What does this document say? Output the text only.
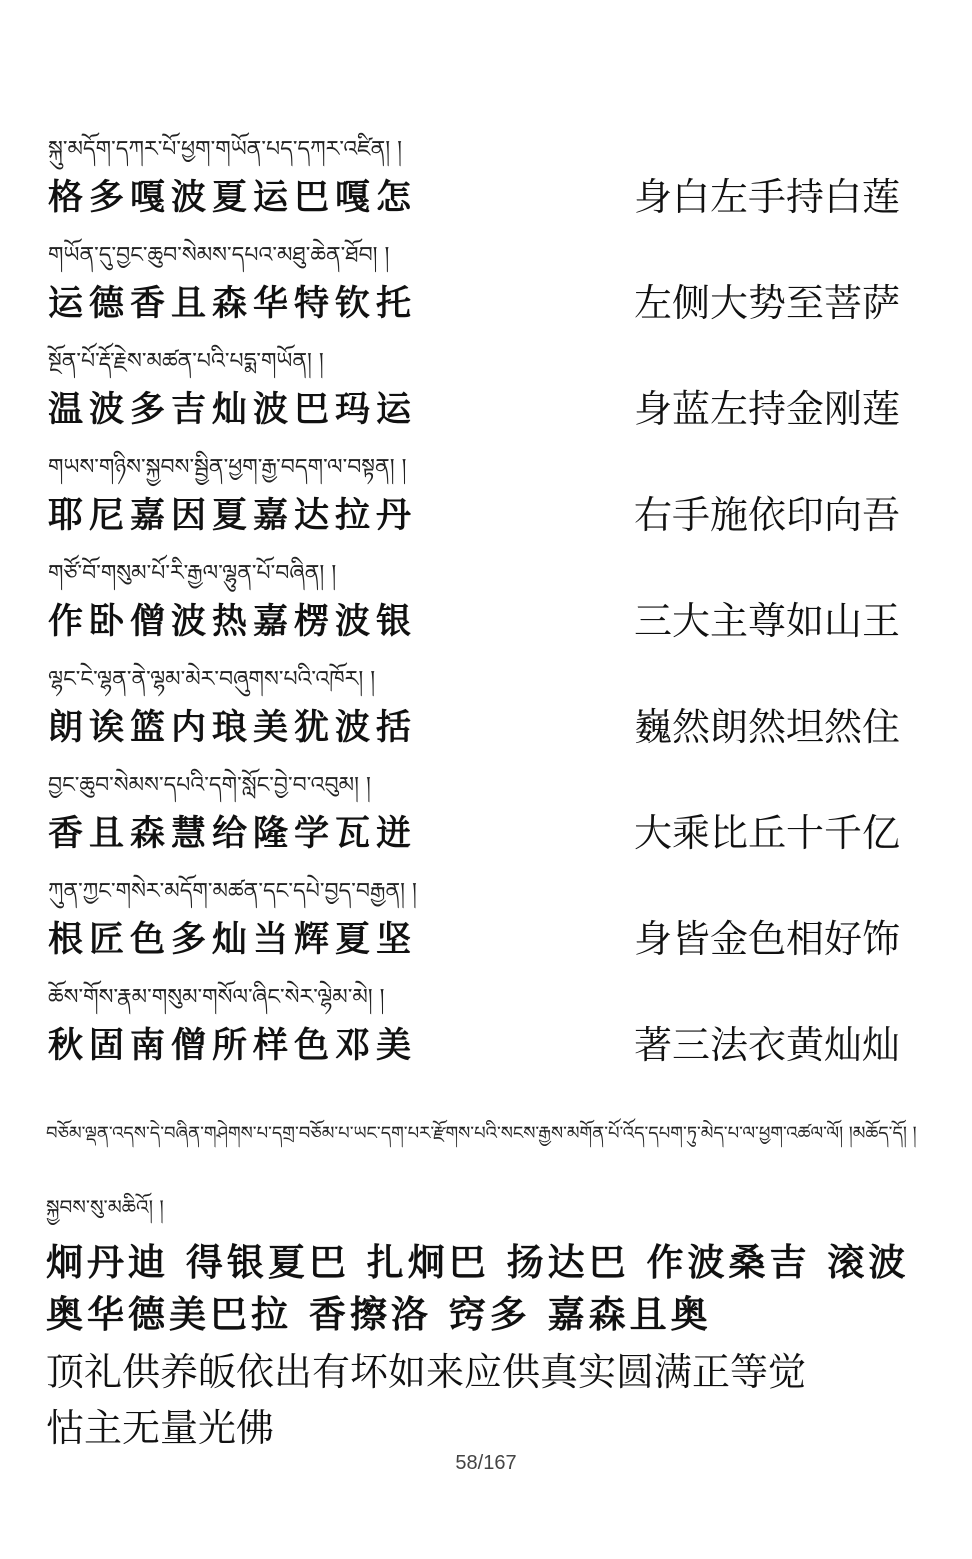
སྐུ་མདོག་དཀར་པོ་ཕྱག་གཡོན་པད་དཀར་འཛིན། །
格多嘎波夏运巴嘎怎	身白左手持白莲
གཡོན་དུ་བྱང་ཆུབ་སེམས་དཔའ་མཐུ་ཆེན་ཐོབ། །
运德香且森华特钦托	左侧大势至菩萨
སྔོན་པོ་རྡོ་རྗེས་མཚན་པའི་པདྨ་གཡོན། །
温波多吉灿波巴玛运	身蓝左持金刚莲
གཡས་གཉིས་སྐྱབས་སྦྱིན་ཕྱག་རྒྱ་བདག་ལ་བསྟན། །
耶尼嘉因夏嘉达拉丹	右手施依印向吾
གཙོ་བོ་གསུམ་པོ་རི་རྒྱལ་ལྷུན་པོ་བཞིན། །
作卧僧波热嘉楞波银	三大主尊如山王
ལྷང་ངེ་ལྷན་ནེ་ལྷམ་མེར་བཞུགས་པའི་འཁོར། །
朗诶篮内琅美犹波括	巍然朗然坦然住
བྱང་ཆུབ་སེམས་དཔའི་དགེ་སློང་བྱེ་བ་འབུམ། །
香且森慧给隆学瓦迸	大乘比丘十千亿
ཀུན་ཀྱང་གསེར་མདོག་མཚན་དང་དཔེ་བྱད་བརྒྱན། །
根匠色多灿当辉夏坚	身皆金色相好饰
ཆོས་གོས་རྣམ་གསུམ་གསོལ་ཞིང་སེར་ལྷེམ་མེ། །
秋固南僧所样色邓美	著三法衣黄灿灿
བཅོམ་ལྡན་འདས་དེ་བཞིན་གཤེགས་པ་དགྲ་བཅོམ་པ་ཡང་དག་པར་རྫོགས་པའི་སངས་རྒྱས་མགོན་པོ་འོད་དཔག་ཏུ་མེད་པ་ལ་ཕྱག་འཚལ་ལོ། །མཆོད་དོ། །
སྐྱབས་སུ་མཆིའོ། །
炯丹迪 得银夏巴 扎炯巴 扬达巴 作波桑吉 滚波
奥华德美巴拉 香擦洛 窍多 嘉森且奥
顶礼供养皈依出有坏如来应供真实圆满正等觉
怙主无量光佛
58/167
